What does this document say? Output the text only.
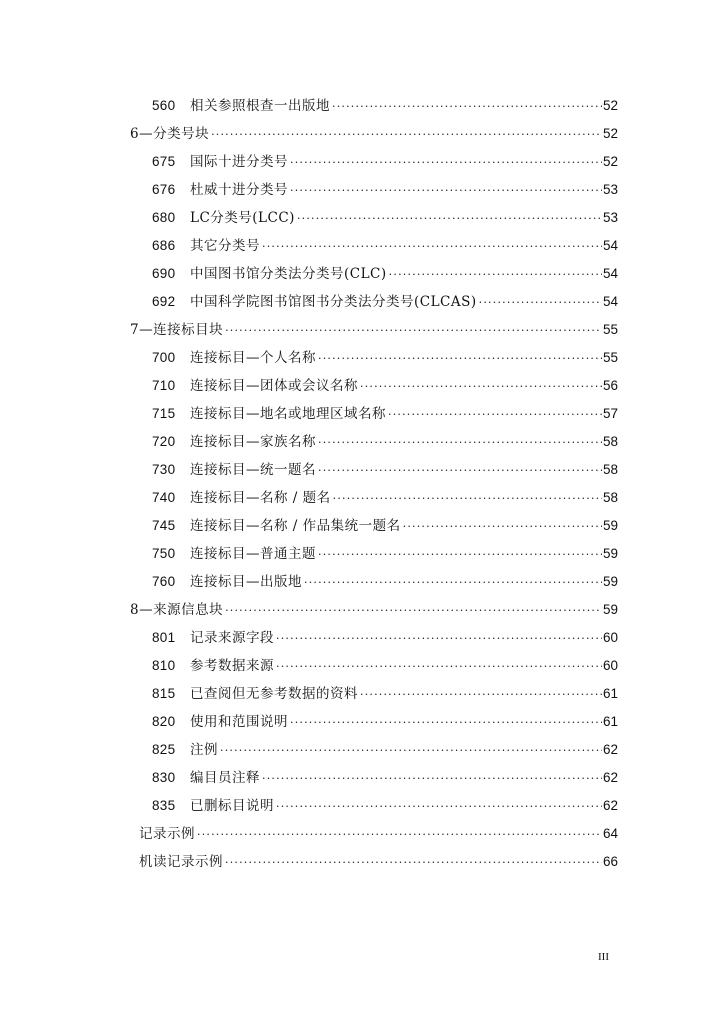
560	相关参照根查一出版地 ·····	52
6—分类号块 ·····	52
675	国际十进分类号 ·····	52
676	杜威十进分类号 ·····	53
680	LC分类号(LCC) ·····	53
686	其它分类号 ·····	54
690	中国图书馆分类法分类号(CLC) ·····	54
692	中国科学院图书馆图书分类法分类号(CLCAS) ·····	54
7—连接标目块 ·····	55
700	连接标目—个人名称 ·····	55
710	连接标目—团体或会议名称 ·····	56
715	连接标目—地名或地理区域名称 ·····	57
720	连接标目—家族名称 ·····	58
730	连接标目—统一题名 ·····	58
740	连接标目—名称 / 题名 ·····	58
745	连接标目—名称 / 作品集统一题名 ·····	59
750	连接标目—普通主题 ·····	59
760	连接标目—出版地 ·····	59
8—来源信息块 ·····	59
801	记录来源字段 ·····	60
810	参考数据来源 ·····	60
815	已查阅但无参考数据的资料 ·····	61
820	使用和范围说明 ·····	61
825	注例 ·····	62
830	编目员注释 ·····	62
835	已删标目说明 ·····	62
记录示例 ·····	64
机读记录示例 ·····	66
III
